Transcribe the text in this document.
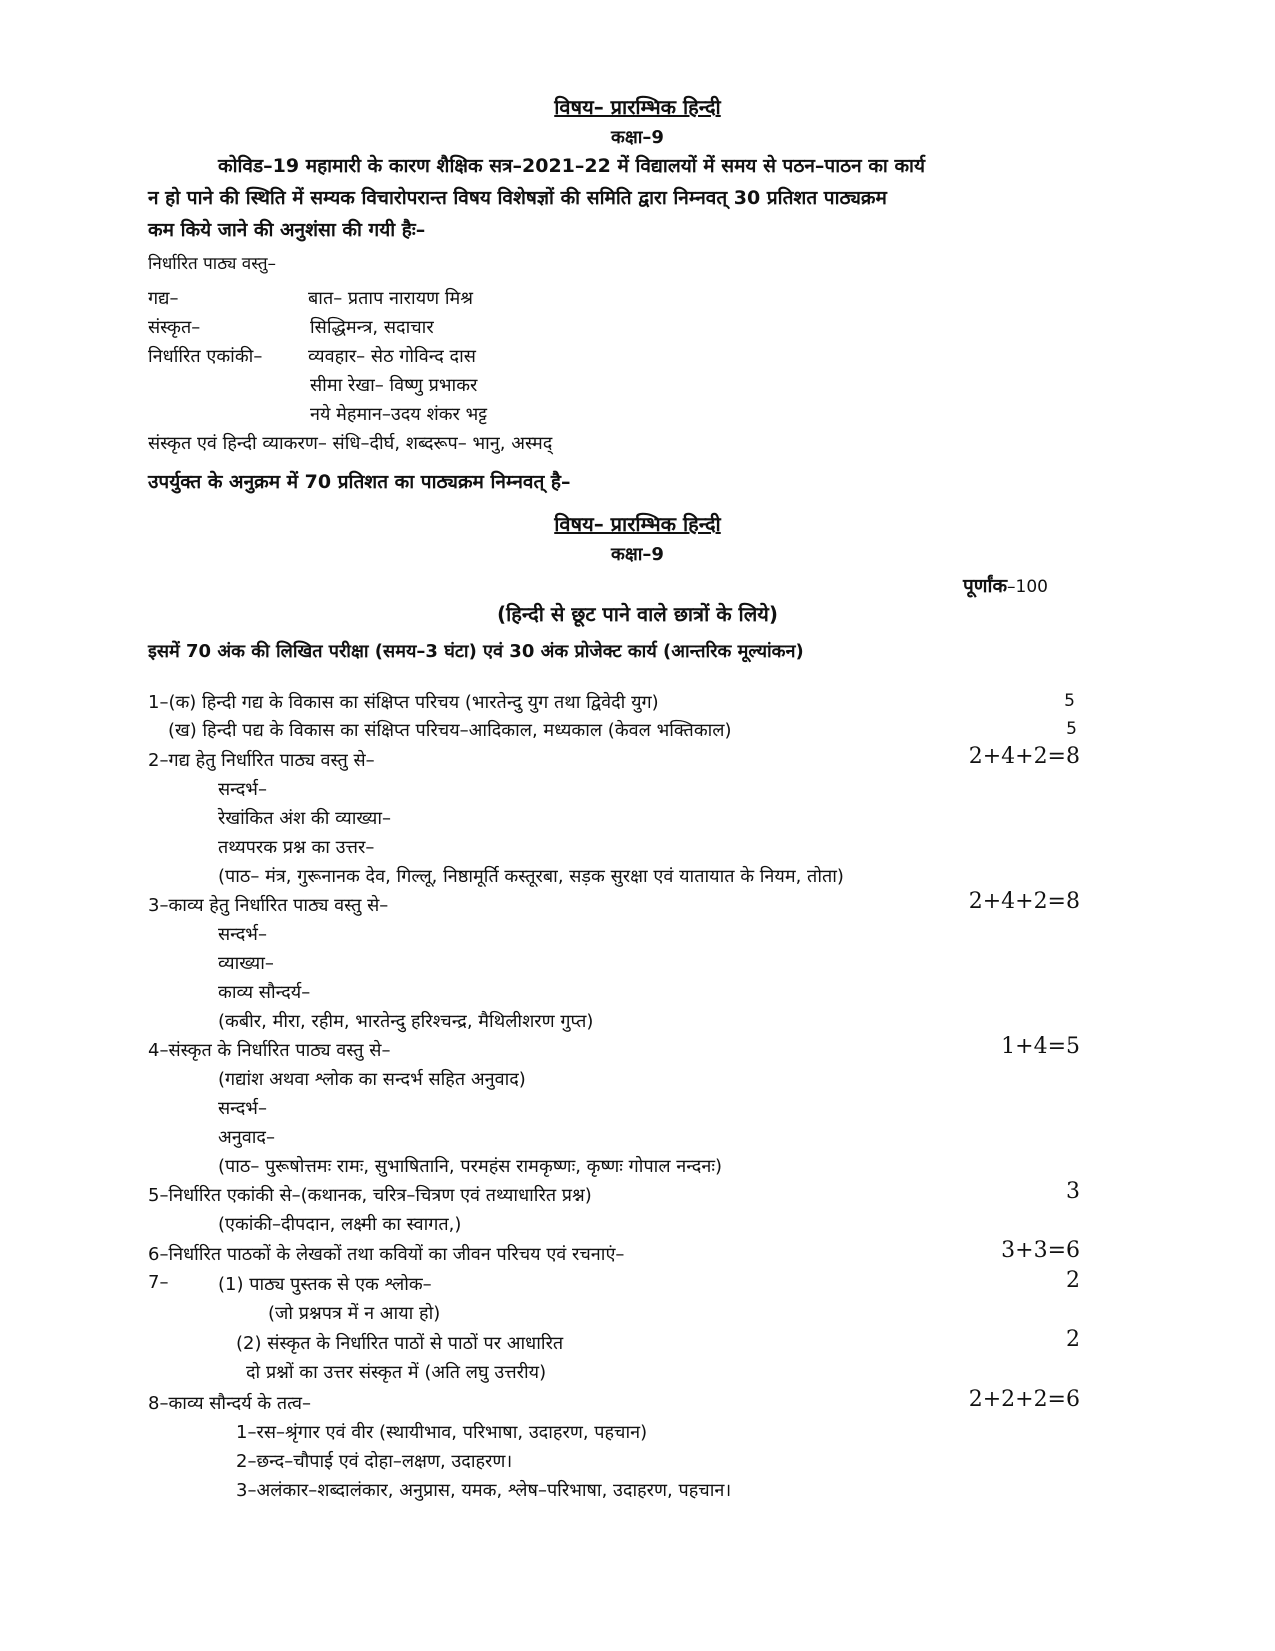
विषय– प्रारम्भिक हिन्दी
कक्षा–9
कोविड–19 महामारी के कारण शैक्षिक सत्र–2021–22 में विद्यालयों में समय से पठन–पाठन का कार्य
न हो पाने की स्थिति में सम्यक विचारोपरान्त विषय विशेषज्ञों की समिति द्वारा निम्नवत् 30 प्रतिशत पाठ्यक्रम
कम किये जाने की अनुशंसा की गयी हैः–
निर्धारित पाठ्य वस्तु–
गद्य–	बात– प्रताप नारायण मिश्र
संस्कृत–	सिद्धिमन्त्र, सदाचार
निर्धारित एकांकी–	व्यवहार– सेठ गोविन्द दास
सीमा रेखा– विष्णु प्रभाकर
नये मेहमान–उदय शंकर भट्ट
संस्कृत एवं हिन्दी व्याकरण– संधि–दीर्घ, शब्दरूप– भानु, अस्मद्
उपर्युक्त के अनुक्रम में 70 प्रतिशत का पाठ्यक्रम निम्नवत् है–
विषय– प्रारम्भिक हिन्दी
कक्षा–9
पूर्णांक–100
(हिन्दी से छूट पाने वाले छात्रों के लिये)
इसमें 70 अंक की लिखित परीक्षा (समय–3 घंटा) एवं 30 अंक प्रोजेक्ट कार्य (आन्तरिक मूल्यांकन)
1–(क) हिन्दी गद्य के विकास का संक्षिप्त परिचय (भारतेन्दु युग तथा द्विवेदी युग)	5
(ख) हिन्दी पद्य के विकास का संक्षिप्त परिचय–आदिकाल, मध्यकाल (केवल भक्तिकाल)	5
2–गद्य हेतु निर्धारित पाठ्य वस्तु से–	2+4+2=8
सन्दर्भ–
रेखांकित अंश की व्याख्या–
तथ्यपरक प्रश्न का उत्तर–
(पाठ– मंत्र, गुरूनानक देव, गिल्लू, निष्ठामूर्ति कस्तूरबा, सड़क सुरक्षा एवं यातायात के नियम, तोता)
3–काव्य हेतु निर्धारित पाठ्य वस्तु से–	2+4+2=8
सन्दर्भ–
व्याख्या–
काव्य सौन्दर्य–
(कबीर, मीरा, रहीम, भारतेन्दु हरिश्चन्द्र, मैथिलीशरण गुप्त)
4–संस्कृत के निर्धारित पाठ्य वस्तु से–	1+4=5
(गद्यांश अथवा श्लोक का सन्दर्भ सहित अनुवाद)
सन्दर्भ–
अनुवाद–
(पाठ– पुरूषोत्तमः रामः, सुभाषितानि, परमहंस रामकृष्णः, कृष्णः गोपाल नन्दनः)
5–निर्धारित एकांकी से–(कथानक, चरित्र–चित्रण एवं तथ्याधारित प्रश्न)	3
(एकांकी–दीपदान, लक्ष्मी का स्वागत,)
6–निर्धारित पाठकों के लेखकों तथा कवियों का जीवन परिचय एवं रचनाएं–	3+3=6
7–	(1) पाठ्य पुस्तक से एक श्लोक–	2
(जो प्रश्नपत्र में न आया हो)
(2) संस्कृत के निर्धारित पाठों से पाठों पर आधारित	2
दो प्रश्नों का उत्तर संस्कृत में (अति लघु उत्तरीय)
8–काव्य सौन्दर्य के तत्व–	2+2+2=6
1–रस–श्रृंगार एवं वीर (स्थायीभाव, परिभाषा, उदाहरण, पहचान)
2–छन्द–चौपाई एवं दोहा–लक्षण, उदाहरण।
3–अलंकार–शब्दालंकार, अनुप्रास, यमक, श्लेष–परिभाषा, उदाहरण, पहचान।
